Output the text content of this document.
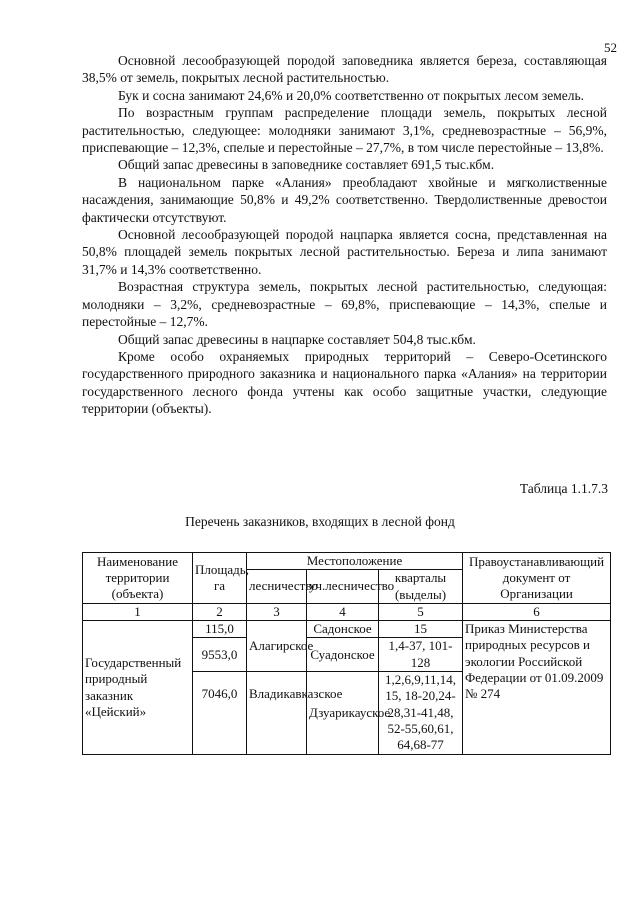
52

Основной лесообразующей породой заповедника является береза, составляющая 38,5% от земель, покрытых лесной растительностью.

Бук и сосна занимают 24,6% и 20,0% соответственно от покрытых лесом земель.

По возрастным группам распределение площади земель, покрытых лесной растительностью, следующее: молодняки занимают 3,1%, средневозрастные – 56,9%, приспевающие – 12,3%, спелые и перестойные – 27,7%, в том числе перестойные – 13,8%.

Общий запас древесины в заповеднике составляет 691,5 тыс.кбм.

В национальном парке «Алания» преобладают хвойные и мягколиственные насаждения, занимающие 50,8% и 49,2% соответственно. Твердолиственные древостои фактически отсутствуют.

Основной лесообразующей породой нацпарка является сосна, представленная на 50,8% площадей земель покрытых лесной растительностью. Береза и липа занимают 31,7% и 14,3% соответственно.

Возрастная структура земель, покрытых лесной растительностью, следующая: молодняки – 3,2%, средневозрастные – 69,8%, приспевающие – 14,3%, спелые и перестойные – 12,7%.

Общий запас древесины в нацпарке составляет 504,8 тыс.кбм.

Кроме особо охраняемых природных территорий – Северо-Осетинского государственного природного заказника и национального парка «Алания» на территории государственного лесного фонда учтены как особо защитные участки, следующие территории (объекты).

Таблица 1.1.7.3
Перечень заказников, входящих в лесной фонд
Наименование территории (объекта)	Площадь, га	Местоположение			Правоустанавливающий документ от Организации
		лесничество	уч.лесничество	кварталы (выделы)	
1	2	3	4	5	6
Государственный природный заказник «Цейский»	115,0	Алагирское	Садонское	15	Приказ Министерства природных ресурсов и экологии Российской Федерации от 01.09.2009 № 274
	9553,0		Суадонское	1,4-37, 101-128	
	7046,0	Владикавказское	Дзуарикауское	1,2,6,9,11,14, 15, 18-20,24-28,31-41,48, 52-55,60,61, 64,68-77	
